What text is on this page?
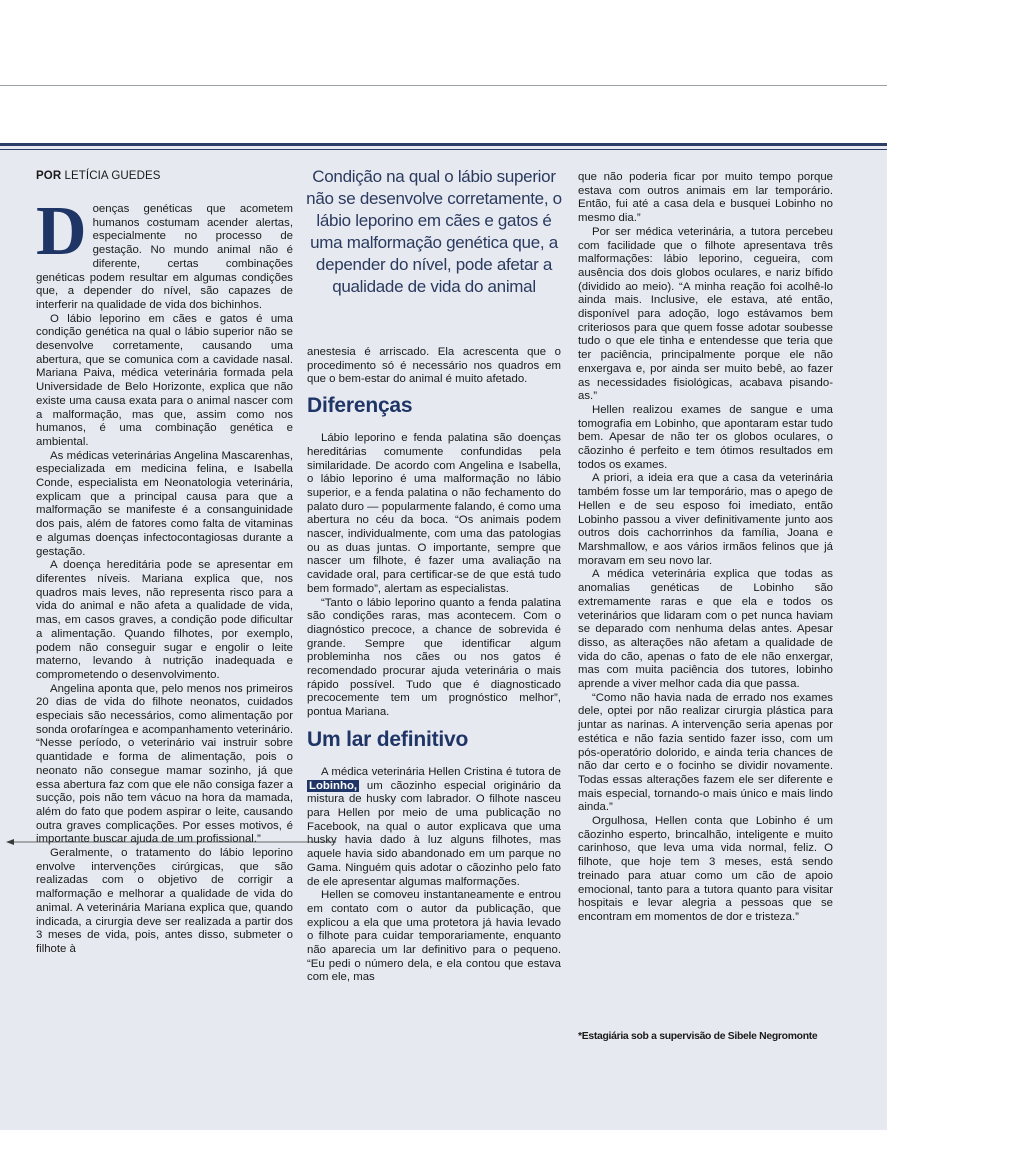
POR LETÍCIA GUEDES	Condição na qual o lábio superior não se desenvolve corretamente, o lábio leporino em cães e gatos é uma malformação genética que, a depender do nível, pode afetar a qualidade de vida do animal

Doenças genéticas que acometem humanos costumam acender alertas, especialmente no processo de gestação. No mundo animal não é diferente, certas combinações genéticas podem resultar em algumas condições que, a depender do nível, são capazes de interferir na qualidade de vida dos bichinhos.

O lábio leporino em cães e gatos é uma condição genética na qual o lábio superior não se desenvolve corretamente, causando uma abertura, que se comunica com a cavidade nasal. Mariana Paiva, médica veterinária formada pela Universidade de Belo Horizonte, explica que não existe uma causa exata para o animal nascer com a malformação, mas que, assim como nos humanos, é uma combinação genética e ambiental.

As médicas veterinárias Angelina Mascarenhas, especializada em medicina felina, e Isabella Conde, especialista em Neonatologia veterinária, explicam que a principal causa para que a malformação se manifeste é a consanguinidade dos pais, além de fatores como falta de vitaminas e algumas doenças infectocontagiosas durante a gestação.

A doença hereditária pode se apresentar em diferentes níveis. Mariana explica que, nos quadros mais leves, não representa risco para a vida do animal e não afeta a qualidade de vida, mas, em casos graves, a condição pode dificultar a alimentação. Quando filhotes, por exemplo, podem não conseguir sugar e engolir o leite materno, levando à nutrição inadequada e comprometendo o desenvolvimento.

Angelina aponta que, pelo menos nos primeiros 20 dias de vida do filhote neonatos, cuidados especiais são necessários, como alimentação por sonda orofaríngea e acompanhamento veterinário. “Nesse período, o veterinário vai instruir sobre quantidade e forma de alimentação, pois o neonato não consegue mamar sozinho, já que essa abertura faz com que ele não consiga fazer a sucção, pois não tem vácuo na hora da mamada, além do fato que podem aspirar o leite, causando outra graves complicações. Por esses motivos, é importante buscar ajuda de um profissional.”

Geralmente, o tratamento do lábio leporino envolve intervenções cirúrgicas, que são realizadas com o objetivo de corrigir a malformação e melhorar a qualidade de vida do animal. A veterinária Mariana explica que, quando indicada, a cirurgia deve ser realizada a partir dos 3 meses de vida, pois, antes disso, submeter o filhote à

anestesia é arriscado. Ela acrescenta que o procedimento só é necessário nos quadros em que o bem-estar do animal é muito afetado.

Diferenças

Lábio leporino e fenda palatina são doenças hereditárias comumente confundidas pela similaridade. De acordo com Angelina e Isabella, o lábio leporino é uma malformação no lábio superior, e a fenda palatina o não fechamento do palato duro — popularmente falando, é como uma abertura no céu da boca. “Os animais podem nascer, individualmente, com uma das patologias ou as duas juntas. O importante, sempre que nascer um filhote, é fazer uma avaliação na cavidade oral, para certificar-se de que está tudo bem formado”, alertam as especialistas.

“Tanto o lábio leporino quanto a fenda palatina são condições raras, mas acontecem. Com o diagnóstico precoce, a chance de sobrevida é grande. Sempre que identificar algum probleminha nos cães ou nos gatos é recomendado procurar ajuda veterinária o mais rápido possível. Tudo que é diagnosticado precocemente tem um prognóstico melhor”, pontua Mariana.

Um lar definitivo

A médica veterinária Hellen Cristina é tutora de Lobinho, um cãozinho especial originário da mistura de husky com labrador. O filhote nasceu para Hellen por meio de uma publicação no Facebook, na qual o autor explicava que uma husky havia dado à luz alguns filhotes, mas aquele havia sido abandonado em um parque no Gama. Ninguém quis adotar o cãozinho pelo fato de ele apresentar algumas malformações.

Hellen se comoveu instantaneamente e entrou em contato com o autor da publicação, que explicou a ela que uma protetora já havia levado o filhote para cuidar temporariamente, enquanto não aparecia um lar definitivo para o pequeno. “Eu pedi o número dela, e ela contou que estava com ele, mas

que não poderia ficar por muito tempo porque estava com outros animais em lar temporário. Então, fui até a casa dela e busquei Lobinho no mesmo dia.”

Por ser médica veterinária, a tutora percebeu com facilidade que o filhote apresentava três malformações: lábio leporino, cegueira, com ausência dos dois globos oculares, e nariz bífido (dividido ao meio). “A minha reação foi acolhê-lo ainda mais. Inclusive, ele estava, até então, disponível para adoção, logo estávamos bem criteriosos para que quem fosse adotar soubesse tudo o que ele tinha e entendesse que teria que ter paciência, principalmente porque ele não enxergava e, por ainda ser muito bebê, ao fazer as necessidades fisiológicas, acabava pisando-as.”

Hellen realizou exames de sangue e uma tomografia em Lobinho, que apontaram estar tudo bem. Apesar de não ter os globos oculares, o cãozinho é perfeito e tem ótimos resultados em todos os exames.

A priori, a ideia era que a casa da veterinária também fosse um lar temporário, mas o apego de Hellen e de seu esposo foi imediato, então Lobinho passou a viver definitivamente junto aos outros dois cachorrinhos da família, Joana e Marshmallow, e aos vários irmãos felinos que já moravam em seu novo lar.

A médica veterinária explica que todas as anomalias genéticas de Lobinho são extremamente raras e que ela e todos os veterinários que lidaram com o pet nunca haviam se deparado com nenhuma delas antes. Apesar disso, as alterações não afetam a qualidade de vida do cão, apenas o fato de ele não enxergar, mas com muita paciência dos tutores, lobinho aprende a viver melhor cada dia que passa.

“Como não havia nada de errado nos exames dele, optei por não realizar cirurgia plástica para juntar as narinas. A intervenção seria apenas por estética e não fazia sentido fazer isso, com um pós-operatório dolorido, e ainda teria chances de não dar certo e o focinho se dividir novamente. Todas essas alterações fazem ele ser diferente e mais especial, tornando-o mais único e mais lindo ainda.”

Orgulhosa, Hellen conta que Lobinho é um cãozinho esperto, brincalhão, inteligente e muito carinhoso, que leva uma vida normal, feliz. O filhote, que hoje tem 3 meses, está sendo treinado para atuar como um cão de apoio emocional, tanto para a tutora quanto para visitar hospitais e levar alegria a pessoas que se encontram em momentos de dor e tristeza.”

*Estagiária sob a supervisão de Sibele Negromonte
